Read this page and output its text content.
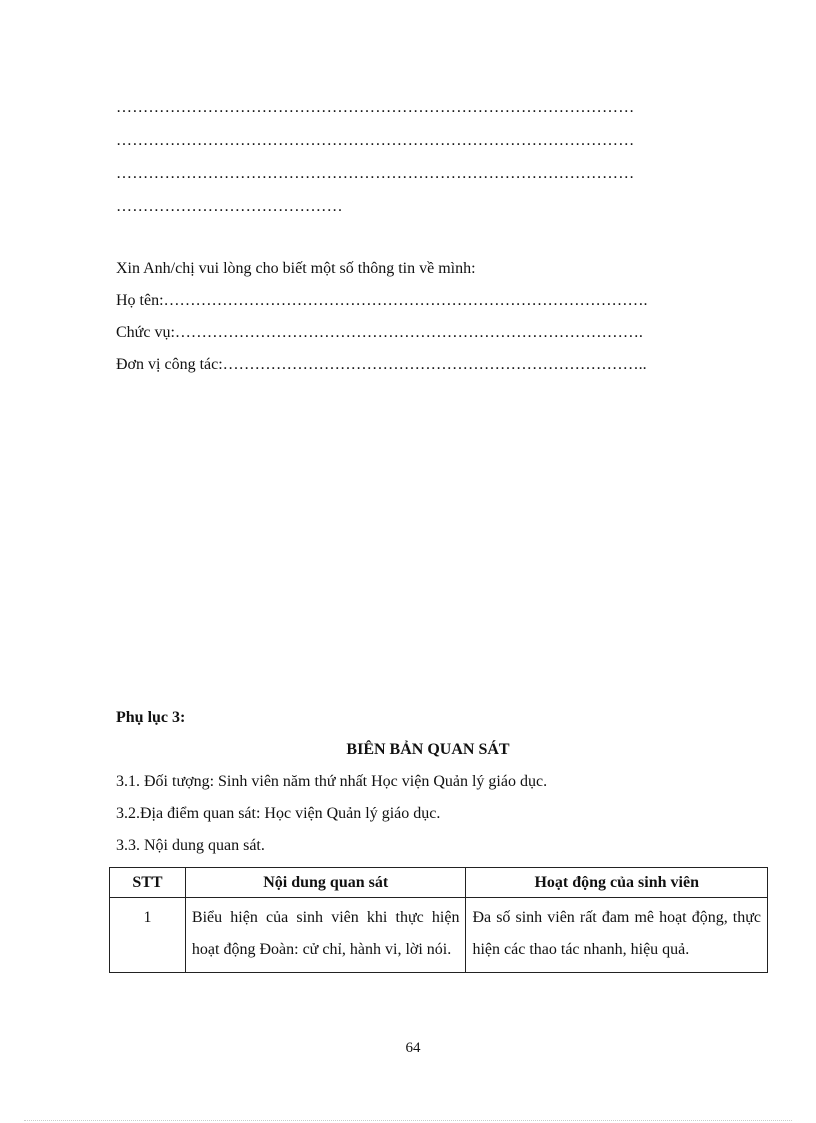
……………………………………………………………………………………
……………………………………………………………………………………
……………………………………………………………………………………
……………………………………
Xin Anh/chị vui lòng cho biết một số thông tin về mình:
Họ tên:……………………………………………………………………………….
Chức vụ:…………………………………………………………………………….
Đơn vị công tác:……………………………………………………………………..
Phụ lục 3:
BIÊN BẢN QUAN SÁT
3.1. Đối tượng: Sinh viên năm thứ nhất Học viện Quản lý giáo dục.
3.2.Địa điểm quan sát: Học viện Quản lý giáo dục.
3.3. Nội dung quan sát.
STT	Nội dung quan sát	Hoạt động của sinh viên
1	Biểu hiện của sinh viên khi thực hiện hoạt động Đoàn: cử chỉ, hành vi, lời nói.	Đa số sinh viên rất đam mê hoạt động, thực hiện các thao tác nhanh, hiệu quả.
64
